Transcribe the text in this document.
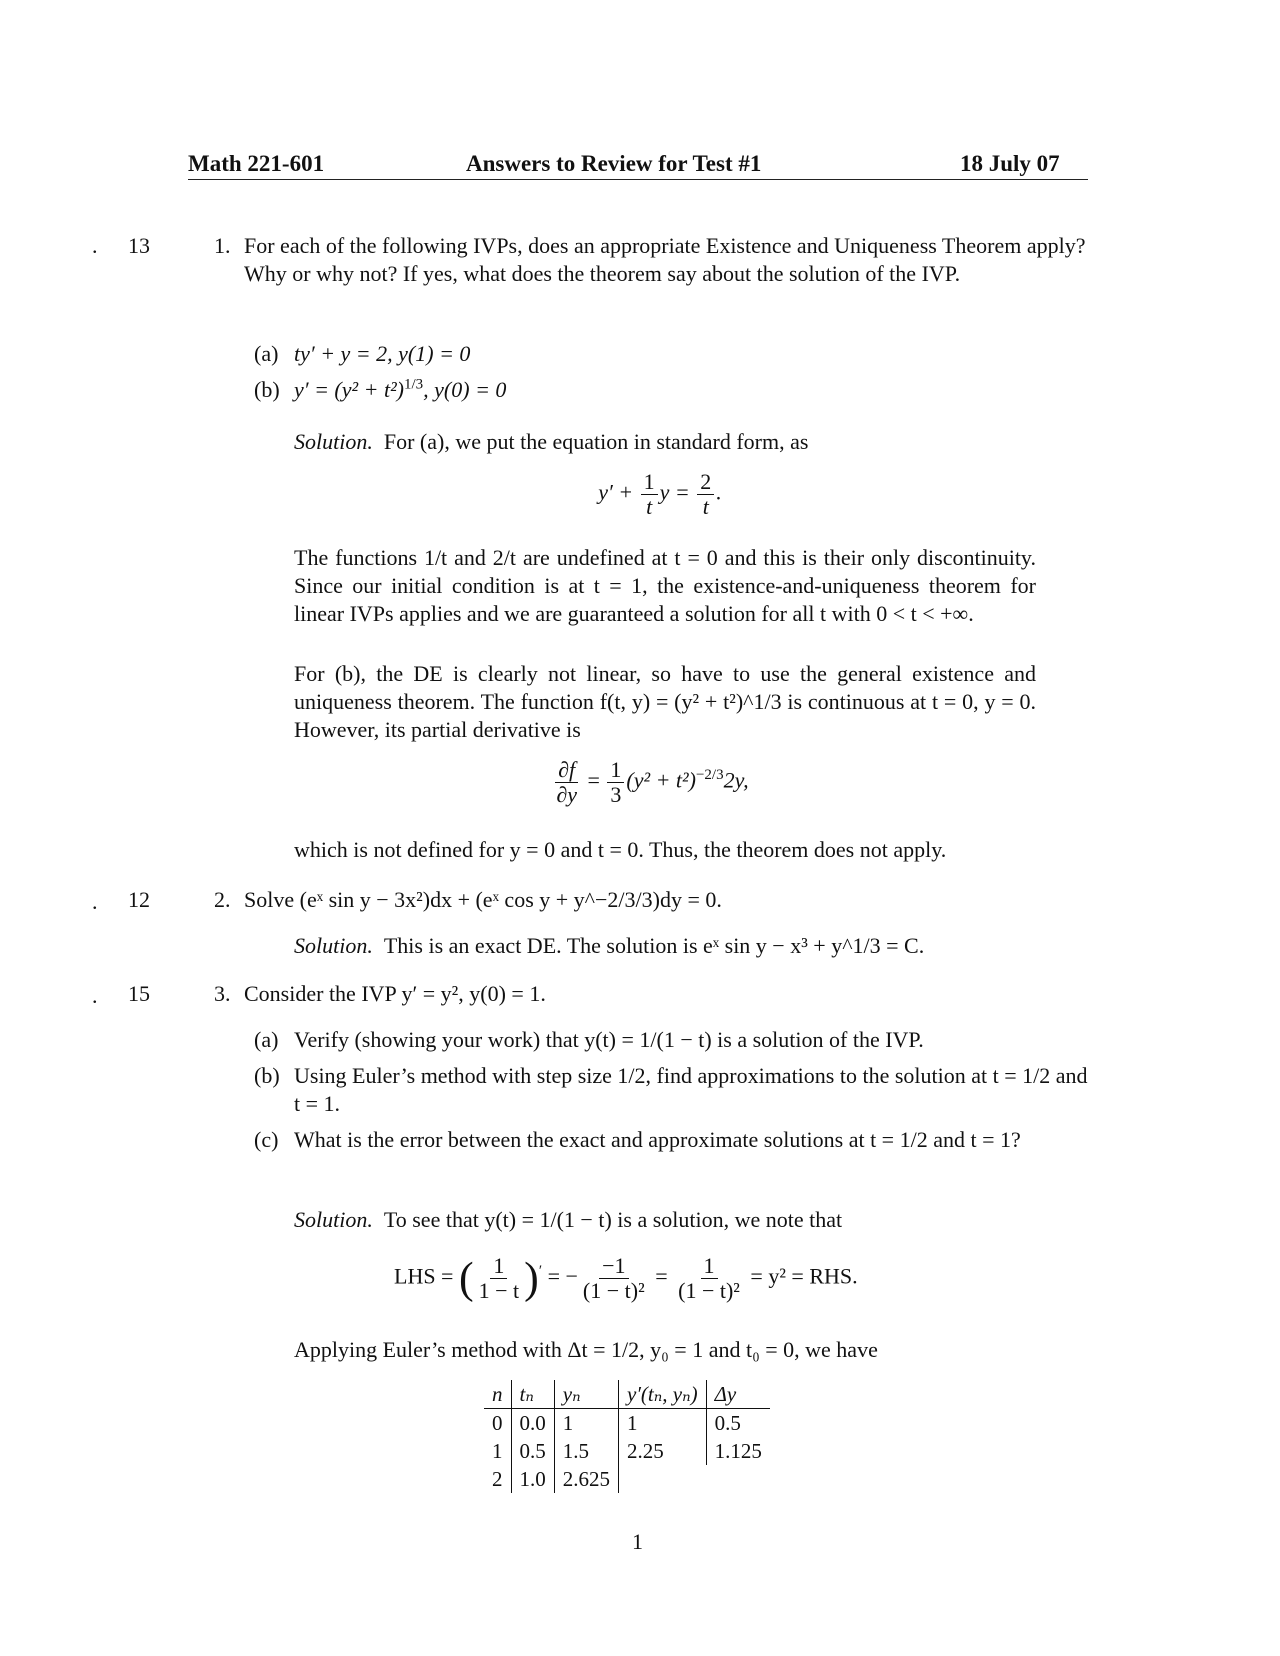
Math 221-601	Answers to Review for Test #1	18 July 07
. 13
. 12
. 15
1. For each of the following IVPs, does an appropriate Existence and Uniqueness Theorem apply? Why or why not? If yes, what does the theorem say about the solution of the IVP.
(a) ty′ + y = 2, y(1) = 0
(b) $y' = (y^2 + t^2)^{1/3}$, y(0) = 0
Solution. For (a), we put the equation in standard form, as
$y' + \frac{1}{t}$ $y = \frac{2}{t}$ .
The functions 1/t and 2/t are undefined at t = 0 and this is their only discontinuity. Since our initial condition is at t = 1, the existence-and-uniqueness theorem for linear IVPs applies and we are guaranteed a solution for all t with 0 < t < +∞.
For (b), the DE is clearly not linear, so have to use the general existence and uniqueness theorem. The function f(t, y) = (y² + t²)^1/3 is continuous at t = 0, y = 0. However, its partial derivative is
$\frac{\partial f}{\partial y} = \frac{1}{3} (y^2 + t^2)^{-2/3}2y$,
which is not defined for y = 0 and t = 0. Thus, the theorem does not apply.
2. Solve (eˣ sin y − 3x²)dx + (eˣ cos y + y^−2/3/3)dy = 0.
Solution. This is an exact DE. The solution is eˣ sin y − x³ + y^1/3 = C.
3. Consider the IVP y′ = y², y(0) = 1.
(a) Verify (showing your work) that y(t) = 1/(1 − t) is a solution of the IVP.
(b) Using Euler’s method with step size 1/2, find approximations to the solution at t = 1/2 and t = 1.
(c) What is the error between the exact and approximate solutions at t = 1/2 and t = 1?
Solution. To see that y(t) = 1/(1 − t) is a solution, we note that
LHS = ( $\frac{1}{1 - t} )'$ = − $\frac{-1}{\text{(1 − t)²}} = \frac{1}{\text{(1 − t)²}} = y^2$ = RHS.
Applying Euler’s method with Δt = 1/2, y₀ = 1 and t₀ = 0, we have
n	tₙ	yₙ	y′(tₙ, yₙ)	Δy
0	0.0	1	1	0.5
1	0.5	1.5	2.25	1.125
2	1.0	2.625		
1
